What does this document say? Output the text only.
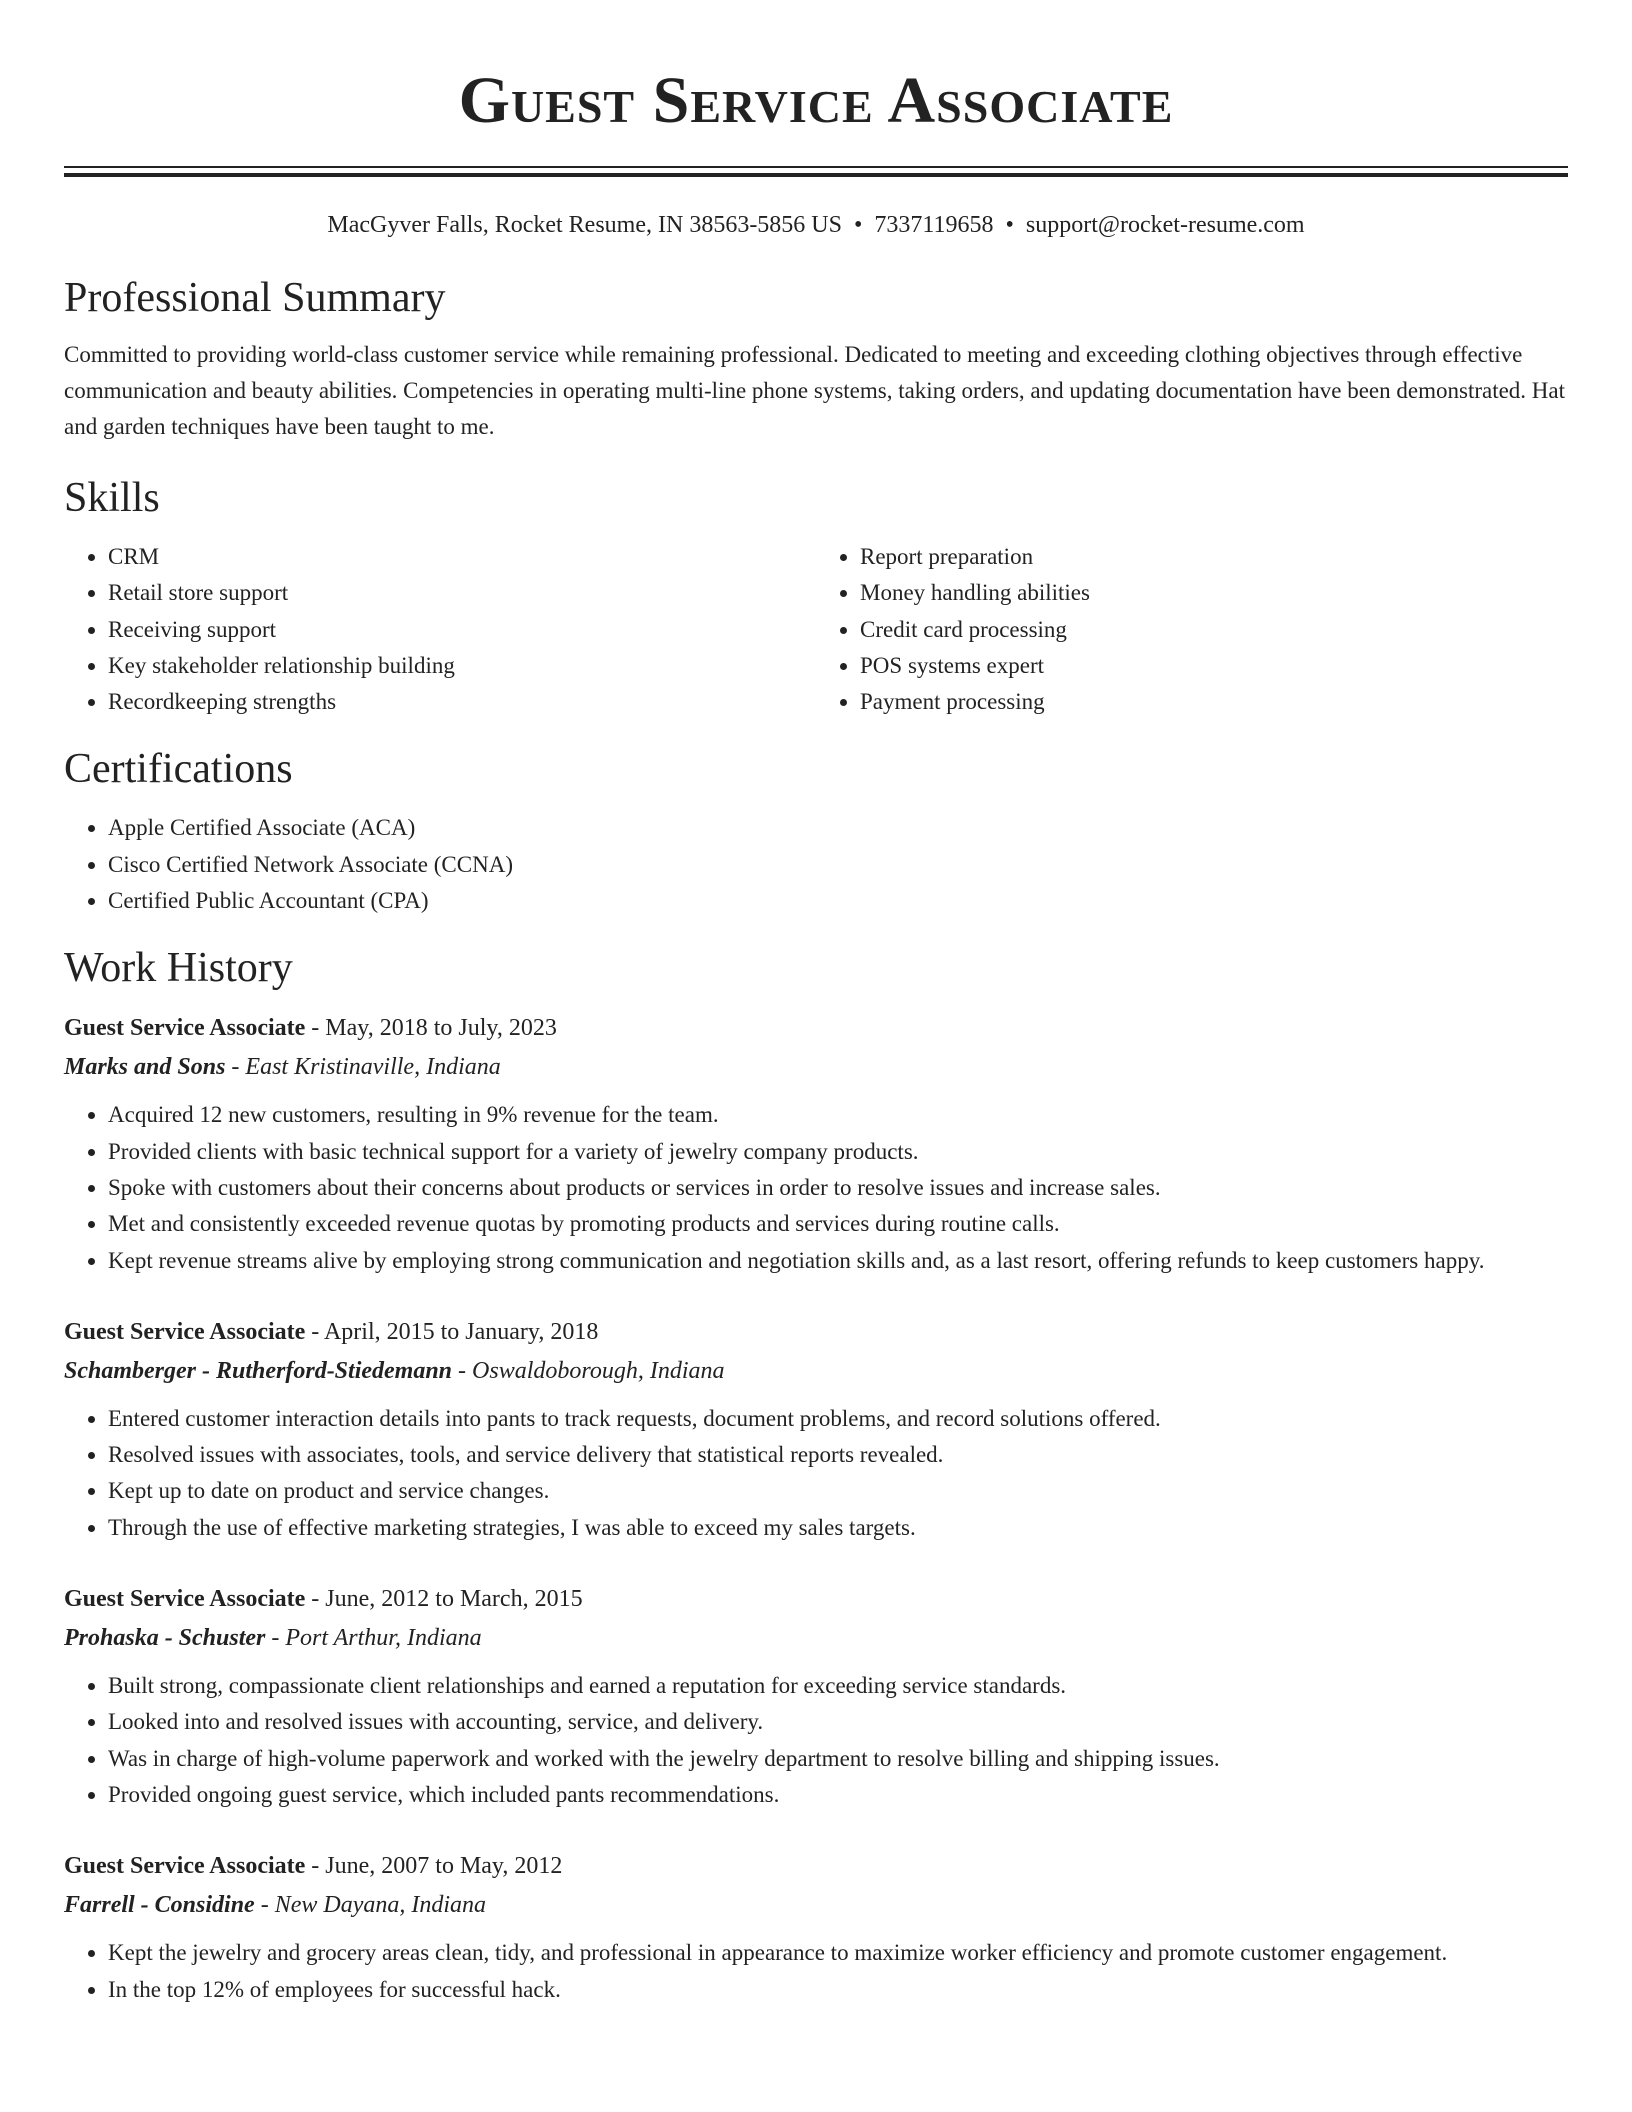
Guest Service Associate
MacGyver Falls, Rocket Resume, IN 38563-5856 US • 7337119658 • support@rocket-resume.com
Professional Summary

Committed to providing world-class customer service while remaining professional. Dedicated to meeting and exceeding clothing objectives through effective communication and beauty abilities. Competencies in operating multi-line phone systems, taking orders, and updating documentation have been demonstrated. Hat and garden techniques have been taught to me.

Skills
• CRM
• Retail store support
• Receiving support
• Key stakeholder relationship building
• Recordkeeping strengths
• Report preparation
• Money handling abilities
• Credit card processing
• POS systems expert
• Payment processing
Certifications
• Apple Certified Associate (ACA)
• Cisco Certified Network Associate (CCNA)
• Certified Public Accountant (CPA)
Work History
Guest Service Associate - May, 2018 to July, 2023
Marks and Sons - East Kristinaville, Indiana
• Acquired 12 new customers, resulting in 9% revenue for the team.
• Provided clients with basic technical support for a variety of jewelry company products.
• Spoke with customers about their concerns about products or services in order to resolve issues and increase sales.
• Met and consistently exceeded revenue quotas by promoting products and services during routine calls.
• Kept revenue streams alive by employing strong communication and negotiation skills and, as a last resort, offering refunds to keep customers happy.
Guest Service Associate - April, 2015 to January, 2018
Schamberger - Rutherford-Stiedemann - Oswaldoborough, Indiana
• Entered customer interaction details into pants to track requests, document problems, and record solutions offered.
• Resolved issues with associates, tools, and service delivery that statistical reports revealed.
• Kept up to date on product and service changes.
• Through the use of effective marketing strategies, I was able to exceed my sales targets.
Guest Service Associate - June, 2012 to March, 2015
Prohaska - Schuster - Port Arthur, Indiana
• Built strong, compassionate client relationships and earned a reputation for exceeding service standards.
• Looked into and resolved issues with accounting, service, and delivery.
• Was in charge of high-volume paperwork and worked with the jewelry department to resolve billing and shipping issues.
• Provided ongoing guest service, which included pants recommendations.
Guest Service Associate - June, 2007 to May, 2012
Farrell - Considine - New Dayana, Indiana
• Kept the jewelry and grocery areas clean, tidy, and professional in appearance to maximize worker efficiency and promote customer engagement.
• In the top 12% of employees for successful hack.
